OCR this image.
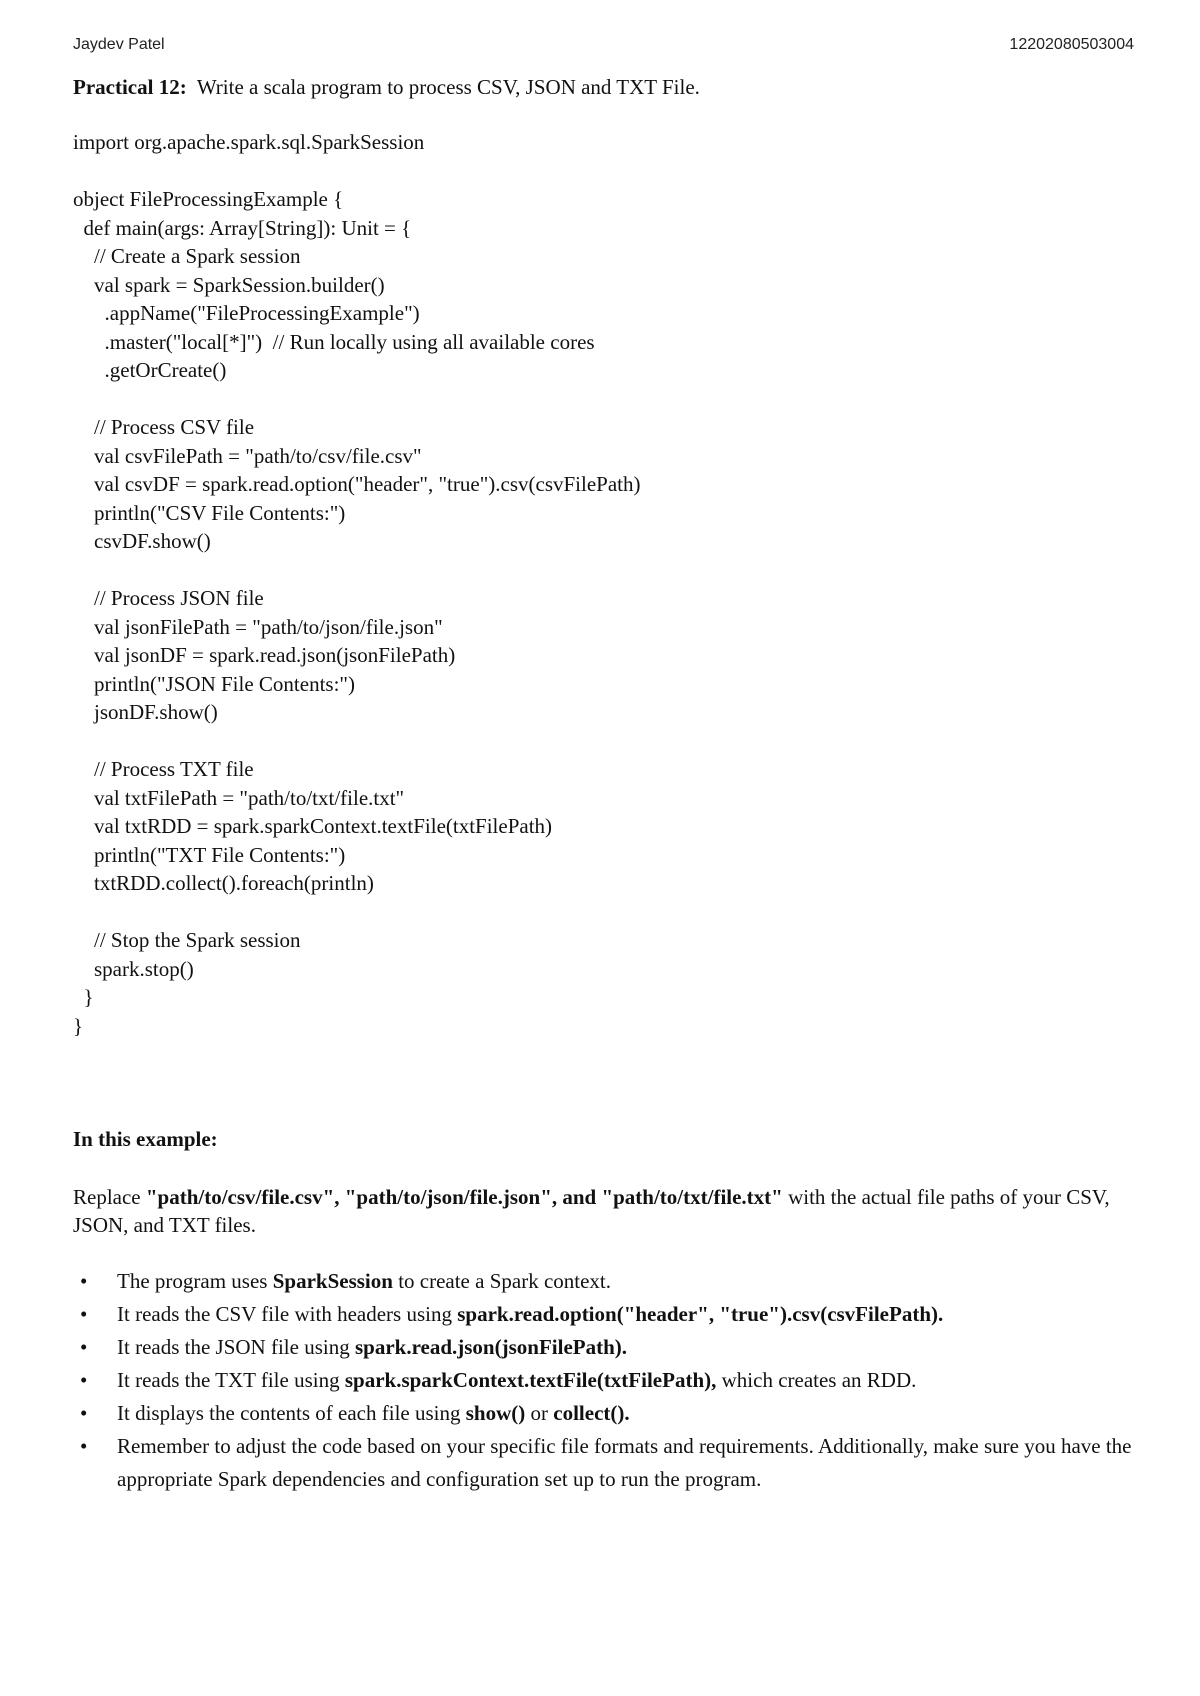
Jaydev Patel	12202080503004
Practical 12: Write a scala program to process CSV, JSON and TXT File.
import org.apache.spark.sql.SparkSession
object FileProcessingExample {
def main(args: Array[String]): Unit = {
// Create a Spark session
val spark = SparkSession.builder()
.appName("FileProcessingExample")
.master("local[*]")  // Run locally using all available cores
.getOrCreate()
// Process CSV file
val csvFilePath = "path/to/csv/file.csv"
val csvDF = spark.read.option("header", "true").csv(csvFilePath)
println("CSV File Contents:")
csvDF.show()
// Process JSON file
val jsonFilePath = "path/to/json/file.json"
val jsonDF = spark.read.json(jsonFilePath)
println("JSON File Contents:")
jsonDF.show()
// Process TXT file
val txtFilePath = "path/to/txt/file.txt"
val txtRDD = spark.sparkContext.textFile(txtFilePath)
println("TXT File Contents:")
txtRDD.collect().foreach(println)
// Stop the Spark session
spark.stop()
}
}
In this example:
Replace "path/to/csv/file.csv", "path/to/json/file.json", and "path/to/txt/file.txt" with the actual file paths of your CSV, JSON, and TXT files.
• The program uses SparkSession to create a Spark context.
• It reads the CSV file with headers using spark.read.option("header", "true").csv(csvFilePath).
• It reads the JSON file using spark.read.json(jsonFilePath).
• It reads the TXT file using spark.sparkContext.textFile(txtFilePath), which creates an RDD.
• It displays the contents of each file using show() or collect().
• Remember to adjust the code based on your specific file formats and requirements. Additionally, make sure you have the appropriate Spark dependencies and configuration set up to run the program.
